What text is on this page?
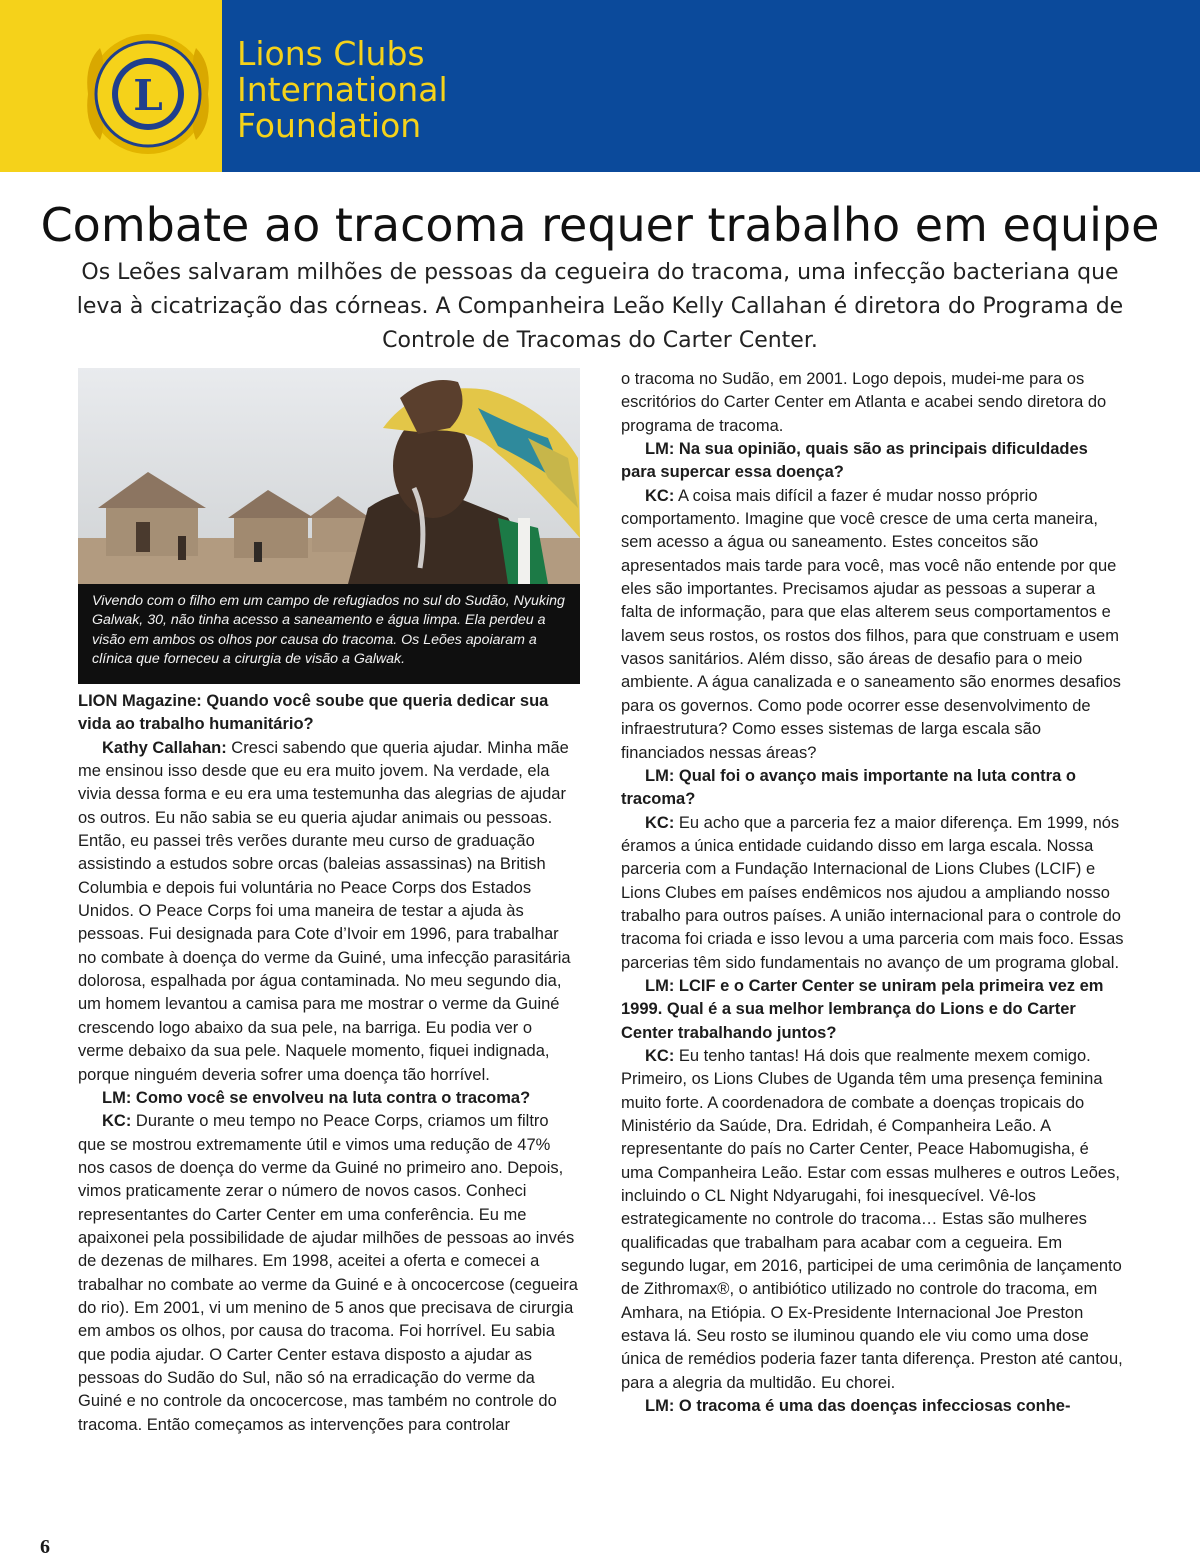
L
Lions Clubs
International
Foundation
Combate ao tracoma requer trabalho em equipe
Os Leões salvaram milhões de pessoas da cegueira do tracoma, uma infecção bacteriana que leva à cicatrização das córneas. A Companheira Leão Kelly Callahan é diretora do Programa de Controle de Tracomas do Carter Center.
Vivendo com o filho em um campo de refugiados no sul do Sudão, Nyuking Galwak, 30, não tinha acesso a saneamento e água limpa. Ela perdeu a visão em ambos os olhos por causa do tracoma. Os Leões apoiaram a clínica que forneceu a cirurgia de visão a Galwak.

LION Magazine: Quando você soube que queria dedicar sua vida ao trabalho humanitário?

Kathy Callahan: Cresci sabendo que queria ajudar. Minha mãe me ensinou isso desde que eu era muito jovem. Na verdade, ela vivia dessa forma e eu era uma testemunha das alegrias de ajudar os outros. Eu não sabia se eu queria ajudar animais ou pessoas. Então, eu passei três verões durante meu curso de graduação assistindo a estudos sobre orcas (baleias assassinas) na British Columbia e depois fui voluntária no Peace Corps dos Estados Unidos. O Peace Corps foi uma maneira de testar a ajuda às pessoas. Fui designada para Cote d’Ivoir em 1996, para trabalhar no combate à doença do verme da Guiné, uma infecção parasitária dolorosa, espalhada por água contaminada. No meu segundo dia, um homem levantou a camisa para me mostrar o verme da Guiné crescendo logo abaixo da sua pele, na barriga. Eu podia ver o verme debaixo da sua pele. Naquele momento, fiquei indignada, porque ninguém deveria sofrer uma doença tão horrível.

LM: Como você se envolveu na luta contra o tracoma?

KC: Durante o meu tempo no Peace Corps, criamos um filtro que se mostrou extremamente útil e vimos uma redução de 47% nos casos de doença do verme da Guiné no primeiro ano. Depois, vimos praticamente zerar o número de novos casos. Conheci representantes do Carter Center em uma conferência. Eu me apaixonei pela possibilidade de ajudar milhões de pessoas ao invés de dezenas de milhares. Em 1998, aceitei a oferta e comecei a trabalhar no combate ao verme da Guiné e à oncocercose (cegueira do rio). Em 2001, vi um menino de 5 anos que precisava de cirurgia em ambos os olhos, por causa do tracoma. Foi horrível. Eu sabia que podia ajudar. O Carter Center estava disposto a ajudar as pessoas do Sudão do Sul, não só na erradicação do verme da Guiné e no controle da oncocercose, mas também no controle do tracoma. Então começamos as intervenções para controlar

o tracoma no Sudão, em 2001. Logo depois, mudei-me para os escritórios do Carter Center em Atlanta e acabei sendo diretora do programa de tracoma.

LM: Na sua opinião, quais são as principais dificuldades para supercar essa doença?

KC: A coisa mais difícil a fazer é mudar nosso próprio comportamento. Imagine que você cresce de uma certa maneira, sem acesso a água ou saneamento. Estes conceitos são apresentados mais tarde para você, mas você não entende por que eles são importantes. Precisamos ajudar as pessoas a superar a falta de informação, para que elas alterem seus comportamentos e lavem seus rostos, os rostos dos filhos, para que construam e usem vasos sanitários. Além disso, são áreas de desafio para o meio ambiente. A água canalizada e o saneamento são enormes desafios para os governos. Como pode ocorrer esse desenvolvimento de infraestrutura? Como esses sistemas de larga escala são financiados nessas áreas?

LM: Qual foi o avanço mais importante na luta contra o tracoma?

KC: Eu acho que a parceria fez a maior diferença. Em 1999, nós éramos a única entidade cuidando disso em larga escala. Nossa parceria com a Fundação Internacional de Lions Clubes (LCIF) e Lions Clubes em países endêmicos nos ajudou a ampliando nosso trabalho para outros países. A união internacional para o controle do tracoma foi criada e isso levou a uma parceria com mais foco. Essas parcerias têm sido fundamentais no avanço de um programa global.

LM: LCIF e o Carter Center se uniram pela primeira vez em 1999. Qual é a sua melhor lembrança do Lions e do Carter Center trabalhando juntos?

KC: Eu tenho tantas! Há dois que realmente mexem comigo. Primeiro, os Lions Clubes de Uganda têm uma presença feminina muito forte. A coordenadora de combate a doenças tropicais do Ministério da Saúde, Dra. Edridah, é Companheira Leão. A representante do país no Carter Center, Peace Habomugisha, é uma Companheira Leão. Estar com essas mulheres e outros Leões, incluindo o CL Night Ndyarugahi, foi inesquecível. Vê-los estrategicamente no controle do tracoma… Estas são mulheres qualificadas que trabalham para acabar com a cegueira. Em segundo lugar, em 2016, participei de uma cerimônia de lançamento de Zithromax®, o antibiótico utilizado no controle do tracoma, em Amhara, na Etiópia. O Ex-Presidente Internacional Joe Preston estava lá. Seu rosto se iluminou quando ele viu como uma dose única de remédios poderia fazer tanta diferença. Preston até cantou, para a alegria da multidão. Eu chorei.

LM: O tracoma é uma das doenças infecciosas conhe-

6
